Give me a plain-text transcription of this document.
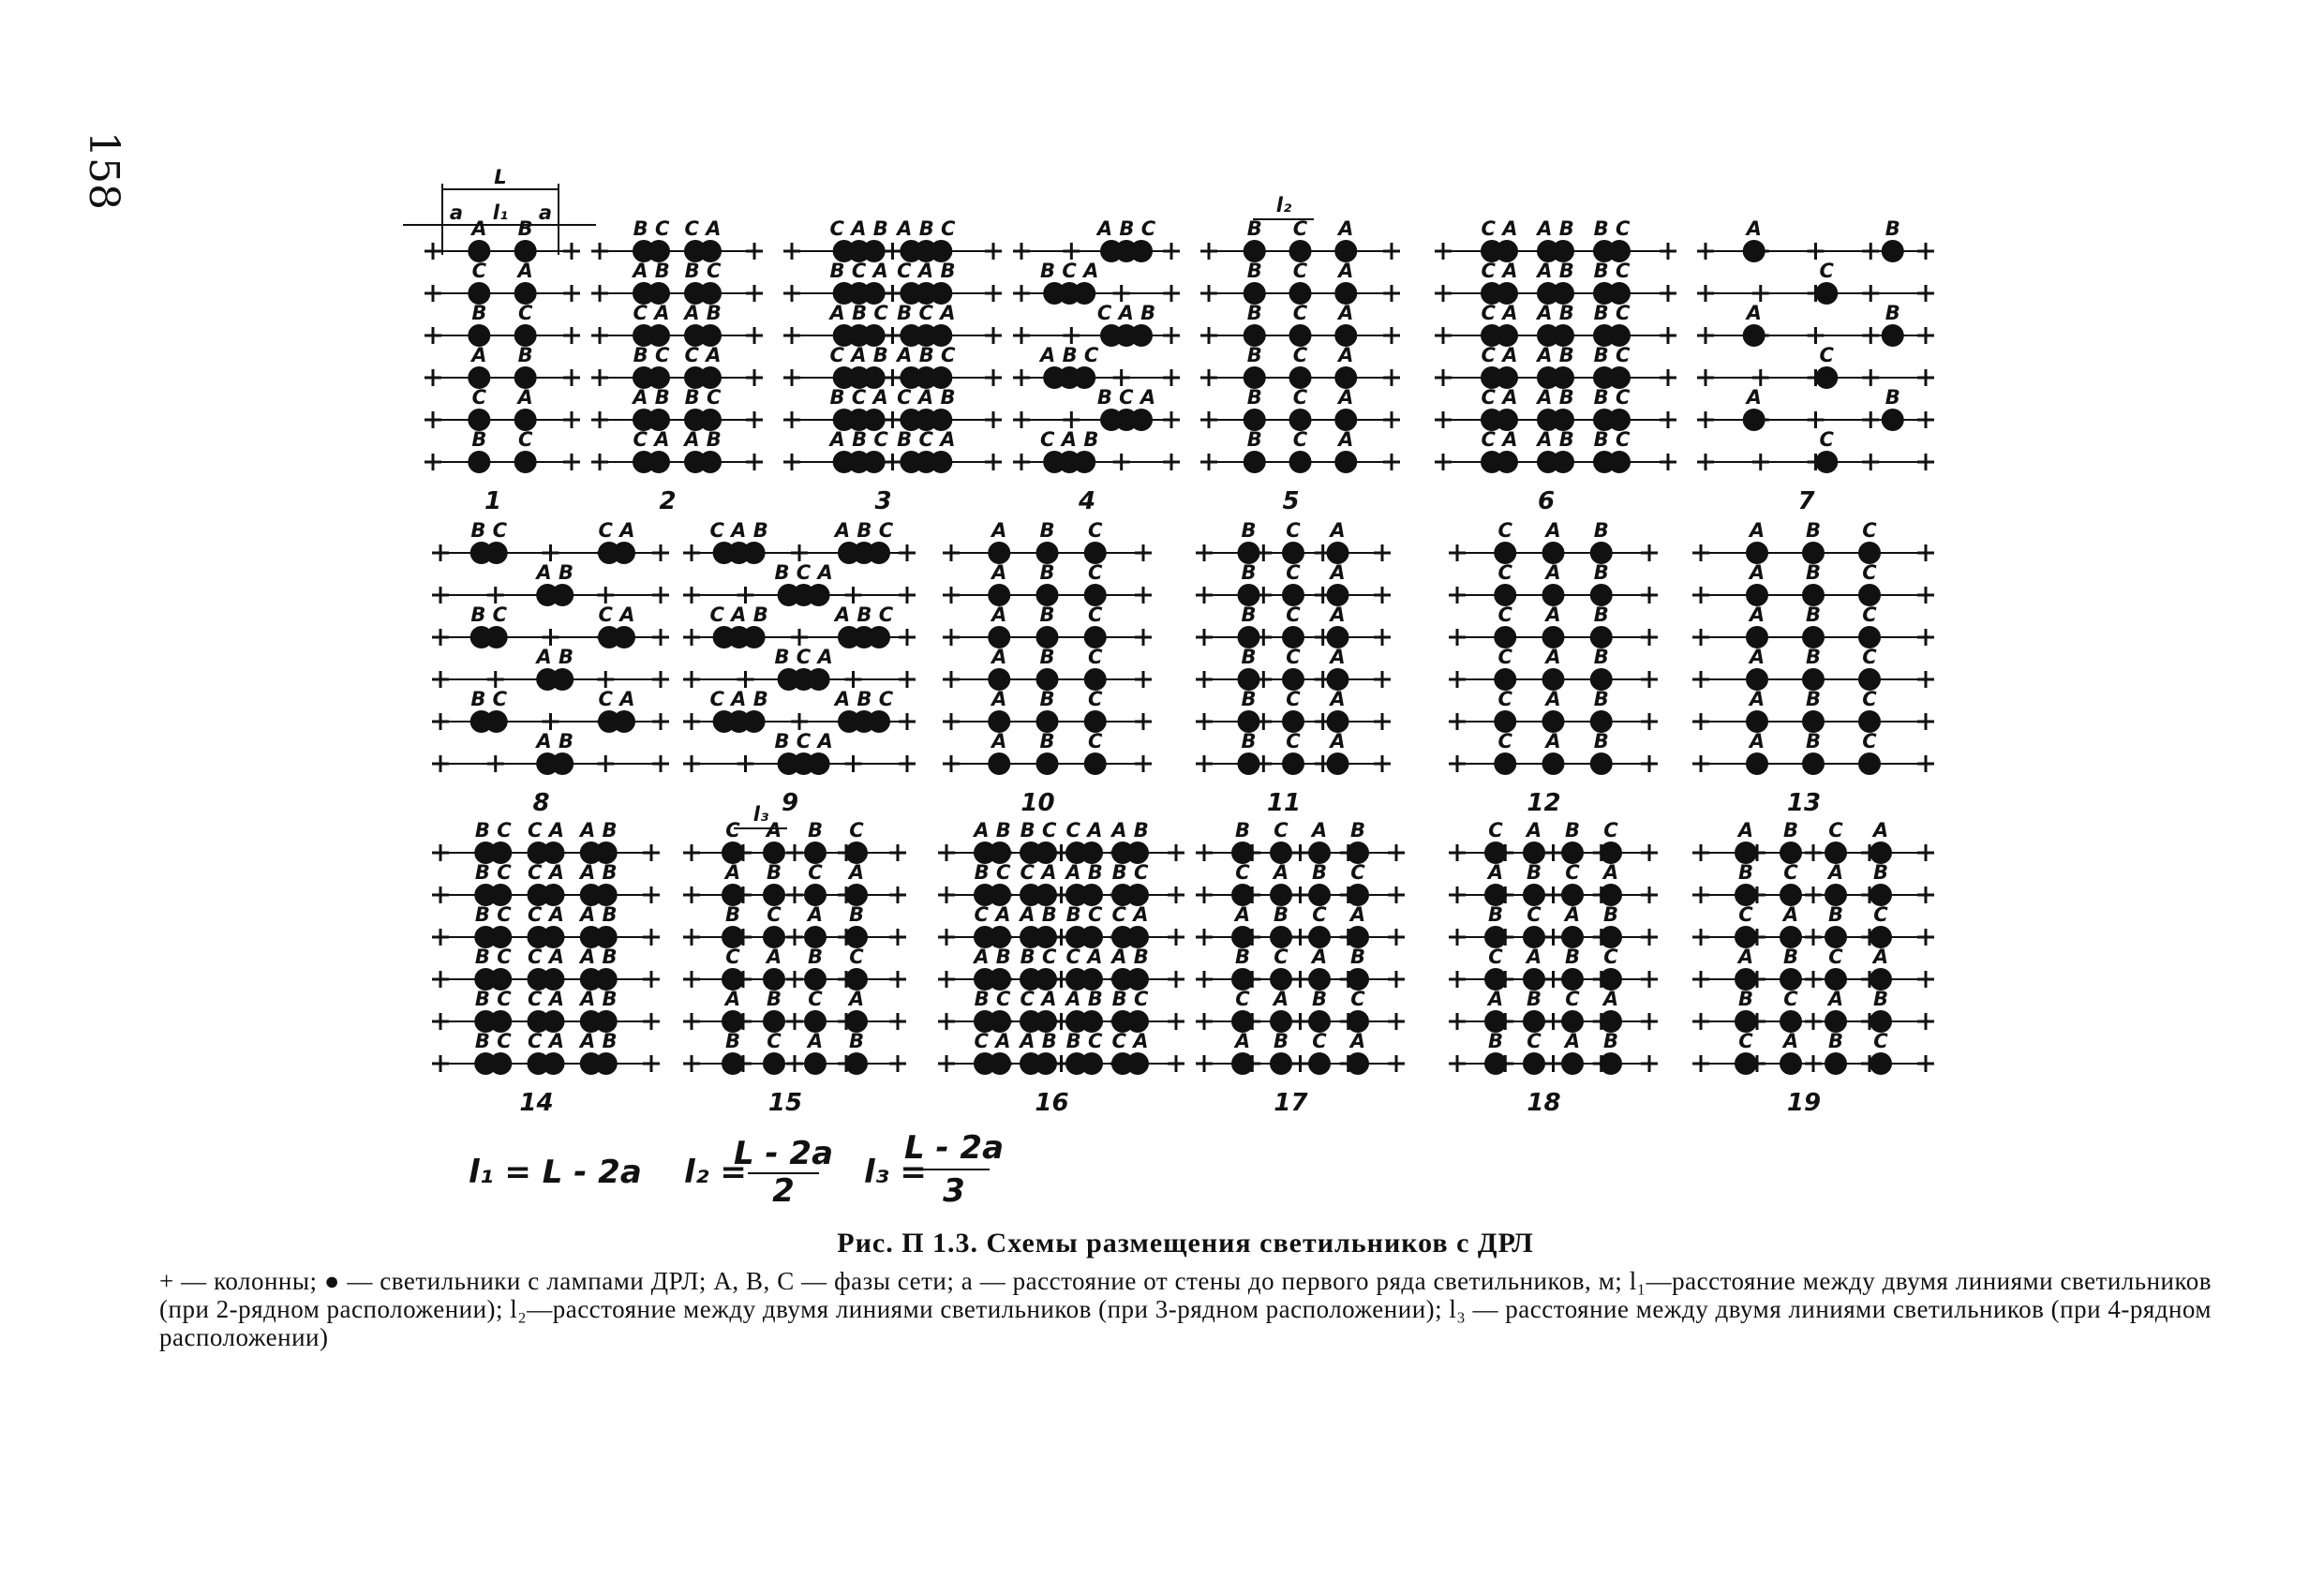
158
A B
C A
B C
A B
C A
B C
1
B C C A
A B B C
C A A B
B C C A
A B B C
C A A B
2
C A B A B C
B C A C A B
A B C B C A
C A B A B C
B C A C A B
A B C B C A
3
A B C
B C A
C A B
A B C
B C A
C A B
4
B C A
B C A
B C A
B C A
B C A
B C A
5
C A A B B C
C A A B B C
C A A B B C
C A A B B C
C A A B B C
C A A B B C
6
A	B
C
A	B
C
A	B
C
7
B C	C A
A B
B C	C A
A B
B C	C A
A B
8
C A B	A B C
B C A
C A B	A B C
B C A
C A B	A B C
B C A
9
A B C
A B C
A B C
A B C
A B C
A B C
10
B C A
B C A
B C A
B C A
B C A
B C A
11
C A B
C A B
C A B
C A B
C A B
C A B
12
A B C
A B C
A B C
A B C
A B C
A B C
13
B C C A A B
B C C A A B
B C C A A B
B C C A A B
B C C A A B
B C C A A B
14
C A B C
A B C A
B C A B
C A B C
A B C A
B C A B
15
A B B C C A A B
B C C A A B B C
C A A B B C C A
A B B C C A A B
B C C A A B B C
C A A B B C C A
16
B C A B
C A B C
A B C A
B C A B
C A B C
A B C A
17
C A B C
A B C A
B C A B
C A B C
A B C A
B C A B
18
A B C A
B C A B
C A B C
A B C A
B C A B
C A B C
19
L
a	a
l₁	l₂
l₃
l₁ = L - 2a l₂ =
L - 2a
2 l₃ =
L - 2a
3
Рис. П 1.3. Схемы размещения светильников с ДРЛ
+ — колонны; ● — светильники с лампами ДРЛ; А, В, С — фазы сети; а — расстояние от стены до первого ряда светильников, м; l₁—расстояние между двумя линиями светильников (при 2-рядном расположении); l₂—расстояние между двумя линиями светильников (при 3-рядном расположении); l₃ — расстояние между двумя линиями светильников (при 4-рядном расположении)
